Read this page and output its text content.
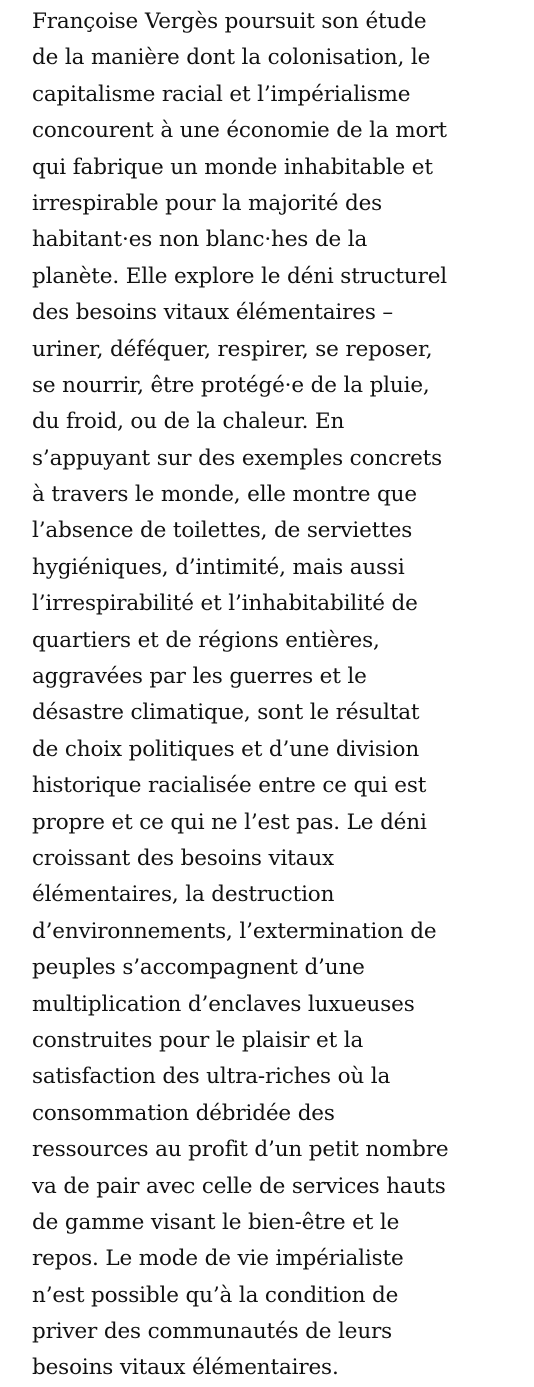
Françoise Vergès poursuit son étude
de la manière dont la colonisation, le
capitalisme racial et l’impérialisme
concourent à une économie de la mort
qui fabrique un monde inhabitable et
irrespirable pour la majorité des
habitant·es non blanc·hes de la
planète. Elle explore le déni structurel
des besoins vitaux élémentaires –
uriner, déféquer, respirer, se reposer,
se nourrir, être protégé·e de la pluie,
du froid, ou de la chaleur. En
s’appuyant sur des exemples concrets
à travers le monde, elle montre que
l’absence de toilettes, de serviettes
hygiéniques, d’intimité, mais aussi
l’irrespirabilité et l’inhabitabilité de
quartiers et de régions entières,
aggravées par les guerres et le
désastre climatique, sont le résultat
de choix politiques et d’une division
historique racialisée entre ce qui est
propre et ce qui ne l’est pas. Le déni
croissant des besoins vitaux
élémentaires, la destruction
d’environnements, l’extermination de
peuples s’accompagnent d’une
multiplication d’enclaves luxueuses
construites pour le plaisir et la
satisfaction des ultra-riches où la
consommation débridée des
ressources au profit d’un petit nombre
va de pair avec celle de services hauts
de gamme visant le bien-être et le
repos. Le mode de vie impérialiste
n’est possible qu’à la condition de
priver des communautés de leurs
besoins vitaux élémentaires.
